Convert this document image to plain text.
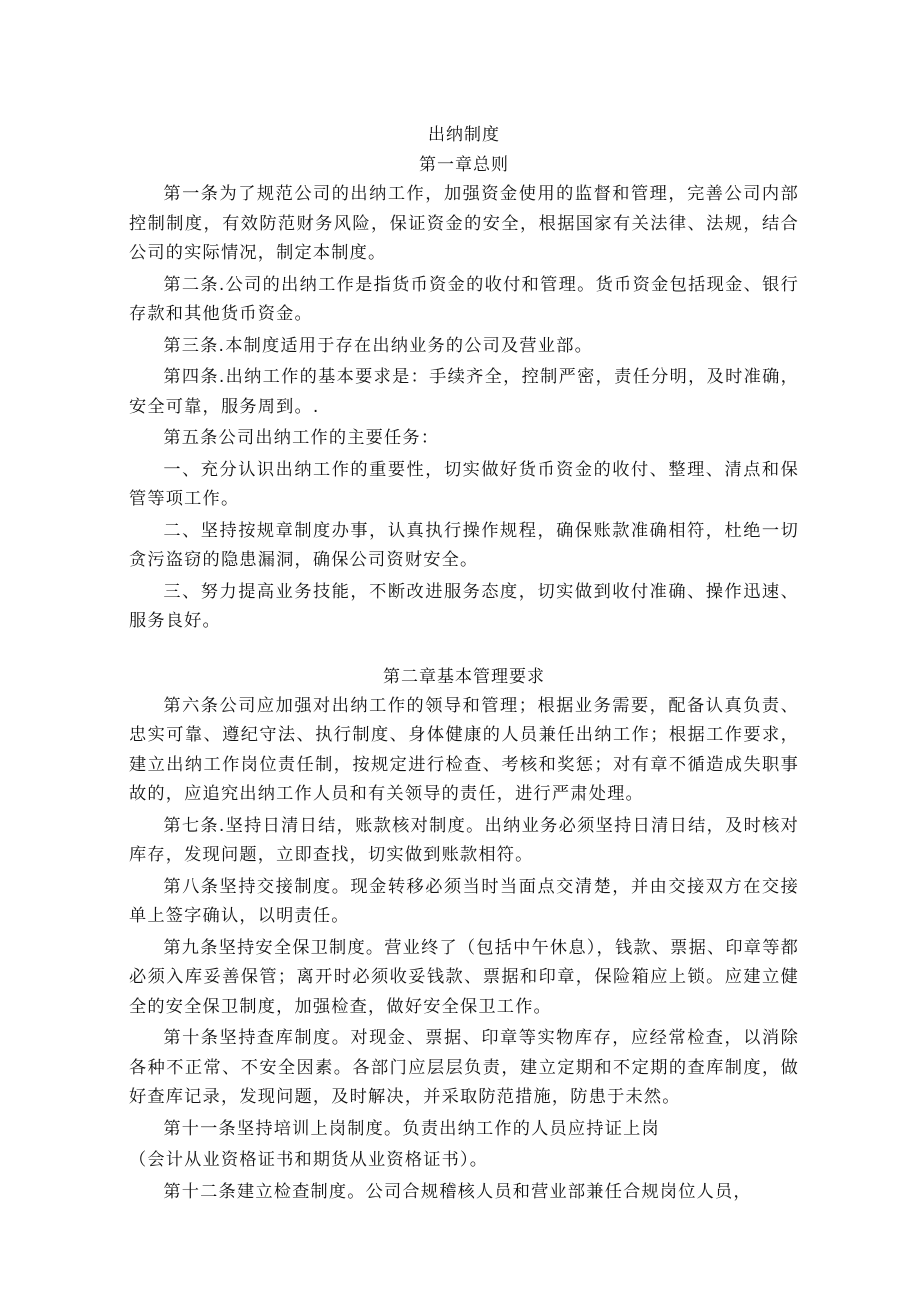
出纳制度
第一章总则

第一条为了规范公司的出纳工作，加强资金使用的监督和管理，完善公司内部控制制度，有效防范财务风险，保证资金的安全，根据国家有关法律、法规，结合公司的实际情况，制定本制度。

第二条.公司的出纳工作是指货币资金的收付和管理。货币资金包括现金、银行存款和其他货币资金。

第三条.本制度适用于存在出纳业务的公司及营业部。

第四条.出纳工作的基本要求是：手续齐全，控制严密，责任分明，及时准确，安全可靠，服务周到。.

第五条公司出纳工作的主要任务：

一、充分认识出纳工作的重要性，切实做好货币资金的收付、整理、清点和保管等项工作。

二、坚持按规章制度办事，认真执行操作规程，确保账款准确相符，杜绝一切贪污盗窃的隐患漏洞，确保公司资财安全。

三、努力提高业务技能，不断改进服务态度，切实做到收付准确、操作迅速、服务良好。

第二章基本管理要求

第六条公司应加强对出纳工作的领导和管理；根据业务需要，配备认真负责、忠实可靠、遵纪守法、执行制度、身体健康的人员兼任出纳工作；根据工作要求，建立出纳工作岗位责任制，按规定进行检查、考核和奖惩；对有章不循造成失职事故的，应追究出纳工作人员和有关领导的责任，进行严肃处理。

第七条.坚持日清日结，账款核对制度。出纳业务必须坚持日清日结，及时核对库存，发现问题，立即查找，切实做到账款相符。

第八条坚持交接制度。现金转移必须当时当面点交清楚，并由交接双方在交接单上签字确认，以明责任。

第九条坚持安全保卫制度。营业终了（包括中午休息），钱款、票据、印章等都必须入库妥善保管；离开时必须收妥钱款、票据和印章，保险箱应上锁。应建立健全的安全保卫制度，加强检查，做好安全保卫工作。

第十条坚持查库制度。对现金、票据、印章等实物库存，应经常检查，以消除各种不正常、不安全因素。各部门应层层负责，建立定期和不定期的查库制度，做好查库记录，发现问题，及时解决，并采取防范措施，防患于未然。

第十一条坚持培训上岗制度。负责出纳工作的人员应持证上岗

（会计从业资格证书和期货从业资格证书）。

第十二条建立检查制度。公司合规稽核人员和营业部兼任合规岗位人员，
